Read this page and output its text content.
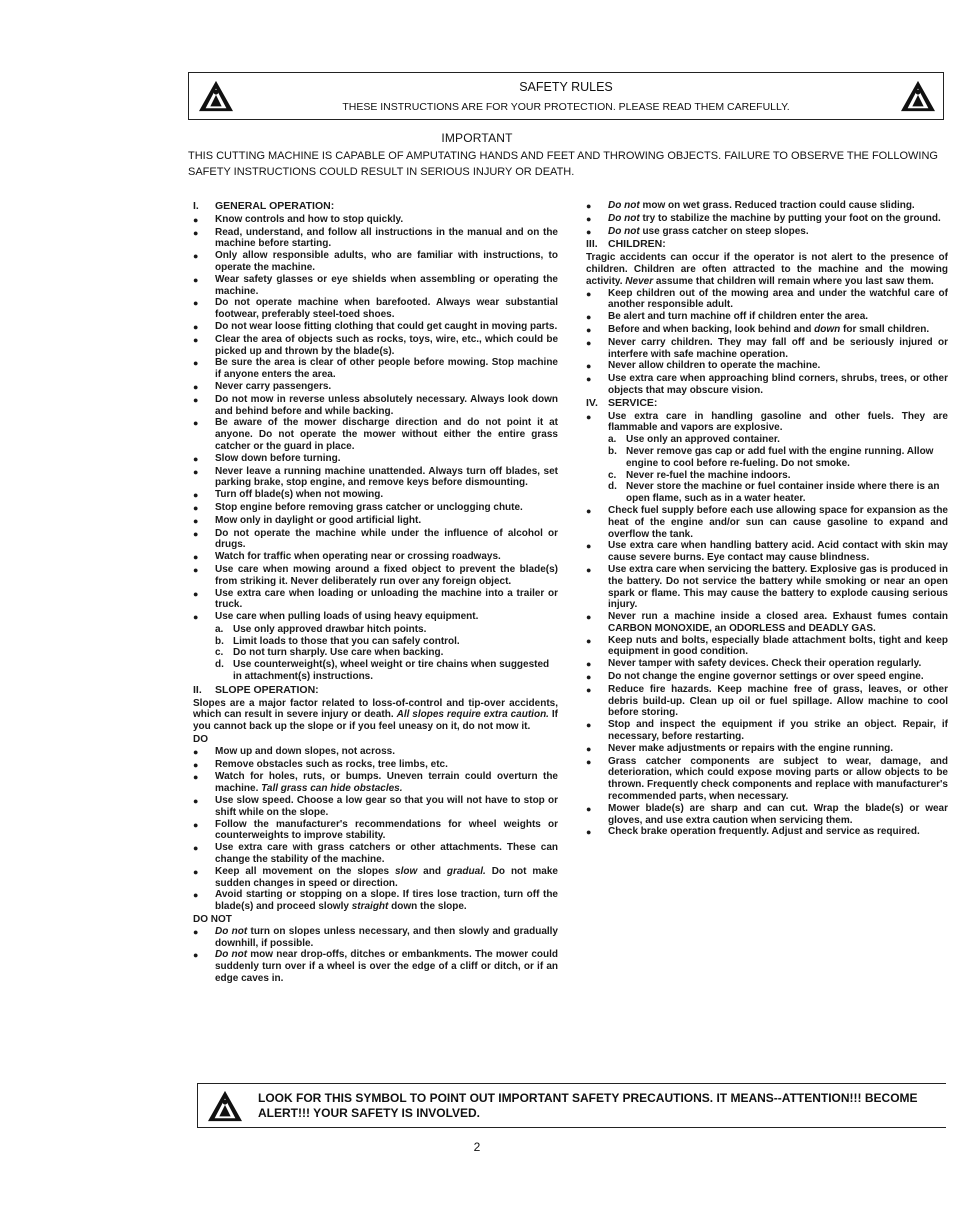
SAFETY RULES
THESE INSTRUCTIONS ARE FOR YOUR PROTECTION. PLEASE READ THEM CAREFULLY.
IMPORTANT
THIS CUTTING MACHINE IS CAPABLE OF AMPUTATING HANDS AND FEET AND THROWING OBJECTS. FAILURE TO OBSERVE THE FOLLOWING SAFETY INSTRUCTIONS COULD RESULT IN SERIOUS INJURY OR DEATH.
I.	GENERAL OPERATION:
●	Know controls and how to stop quickly.
●	Read, understand, and follow all instructions in the manual and on the machine before starting.
●	Only allow responsible adults, who are familiar with instructions, to operate the machine.
●	Wear safety glasses or eye shields when assembling or operating the machine.
●	Do not operate machine when barefooted. Always wear substantial footwear, preferably steel-toed shoes.
●	Do not wear loose fitting clothing that could get caught in moving parts.
●	Clear the area of objects such as rocks, toys, wire, etc., which could be picked up and thrown by the blade(s).
●	Be sure the area is clear of other people before mowing. Stop machine if anyone enters the area.
●	Never carry passengers.
●	Do not mow in reverse unless absolutely necessary. Always look down and behind before and while backing.
●	Be aware of the mower discharge direction and do not point it at anyone. Do not operate the mower without either the entire grass catcher or the guard in place.
●	Slow down before turning.
●	Never leave a running machine unattended. Always turn off blades, set parking brake, stop engine, and remove keys before dismounting.
●	Turn off blade(s) when not mowing.
●	Stop engine before removing grass catcher or unclogging chute.
●	Mow only in daylight or good artificial light.
●	Do not operate the machine while under the influence of alcohol or drugs.
●	Watch for traffic when operating near or crossing roadways.
●	Use care when mowing around a fixed object to prevent the blade(s) from striking it. Never deliberately run over any foreign object.
●	Use extra care when loading or unloading the machine into a trailer or truck.
●	Use care when pulling loads of using heavy equipment.
a. Use only approved drawbar hitch points.
b. Limit loads to those that you can safely control.
c. Do not turn sharply. Use care when backing.
d. Use counterweight(s), wheel weight or tire chains when suggested in attachment(s) instructions.
II.	SLOPE OPERATION:
Slopes are a major factor related to loss-of-control and tip-over accidents, which can result in severe injury or death. All slopes require extra caution. If you cannot back up the slope or if you feel uneasy on it, do not mow it.
DO
●	Mow up and down slopes, not across.
●	Remove obstacles such as rocks, tree limbs, etc.
●	Watch for holes, ruts, or bumps. Uneven terrain could overturn the machine. Tall grass can hide obstacles.
●	Use slow speed. Choose a low gear so that you will not have to stop or shift while on the slope.
●	Follow the manufacturer's recommendations for wheel weights or counterweights to improve stability.
●	Use extra care with grass catchers or other attachments. These can change the stability of the machine.
●	Keep all movement on the slopes slow and gradual. Do not make sudden changes in speed or direction.
●	Avoid starting or stopping on a slope. If tires lose traction, turn off the blade(s) and proceed slowly straight down the slope.
DO NOT
●	Do not turn on slopes unless necessary, and then slowly and gradually downhill, if possible.
●	Do not mow near drop-offs, ditches or embankments. The mower could suddenly turn over if a wheel is over the edge of a cliff or ditch, or if an edge caves in.
●	Do not mow on wet grass. Reduced traction could cause sliding.
●	Do not try to stabilize the machine by putting your foot on the ground.
●	Do not use grass catcher on steep slopes.
III. CHILDREN:
Tragic accidents can occur if the operator is not alert to the presence of children. Children are often attracted to the machine and the mowing activity. Never assume that children will remain where you last saw them.
●	Keep children out of the mowing area and under the watchful care of another responsible adult.
●	Be alert and turn machine off if children enter the area.
●	Before and when backing, look behind and down for small children.
●	Never carry children. They may fall off and be seriously injured or interfere with safe machine operation.
●	Never allow children to operate the machine.
●	Use extra care when approaching blind corners, shrubs, trees, or other objects that may obscure vision.
IV. SERVICE:
●	Use extra care in handling gasoline and other fuels. They are flammable and vapors are explosive.
a. Use only an approved container.
b. Never remove gas cap or add fuel with the engine running. Allow engine to cool before re-fueling. Do not smoke.
c. Never re-fuel the machine indoors.
d. Never store the machine or fuel container inside where there is an open flame, such as in a water heater.
●	Check fuel supply before each use allowing space for expansion as the heat of the engine and/or sun can cause gasoline to expand and overflow the tank.
●	Use extra care when handling battery acid. Acid contact with skin may cause severe burns. Eye contact may cause blindness.
●	Use extra care when servicing the battery. Explosive gas is produced in the battery. Do not service the battery while smoking or near an open spark or flame. This may cause the battery to explode causing serious injury.
●	Never run a machine inside a closed area. Exhaust fumes contain CARBON MONOXIDE, an ODORLESS and DEADLY GAS.
●	Keep nuts and bolts, especially blade attachment bolts, tight and keep equipment in good condition.
●	Never tamper with safety devices. Check their operation regularly.
●	Do not change the engine governor settings or over speed engine.
●	Reduce fire hazards. Keep machine free of grass, leaves, or other debris build-up. Clean up oil or fuel spillage. Allow machine to cool before storing.
●	Stop and inspect the equipment if you strike an object. Repair, if necessary, before restarting.
●	Never make adjustments or repairs with the engine running.
●	Grass catcher components are subject to wear, damage, and deterioration, which could expose moving parts or allow objects to be thrown. Frequently check components and replace with manufacturer's recommended parts, when necessary.
●	Mower blade(s) are sharp and can cut. Wrap the blade(s) or wear gloves, and use extra caution when servicing them.
●	Check brake operation frequently. Adjust and service as required.
LOOK FOR THIS SYMBOL TO POINT OUT IMPORTANT SAFETY PRECAUTIONS. IT MEANS--ATTENTION!!! BECOME ALERT!!! YOUR SAFETY IS INVOLVED.
2
